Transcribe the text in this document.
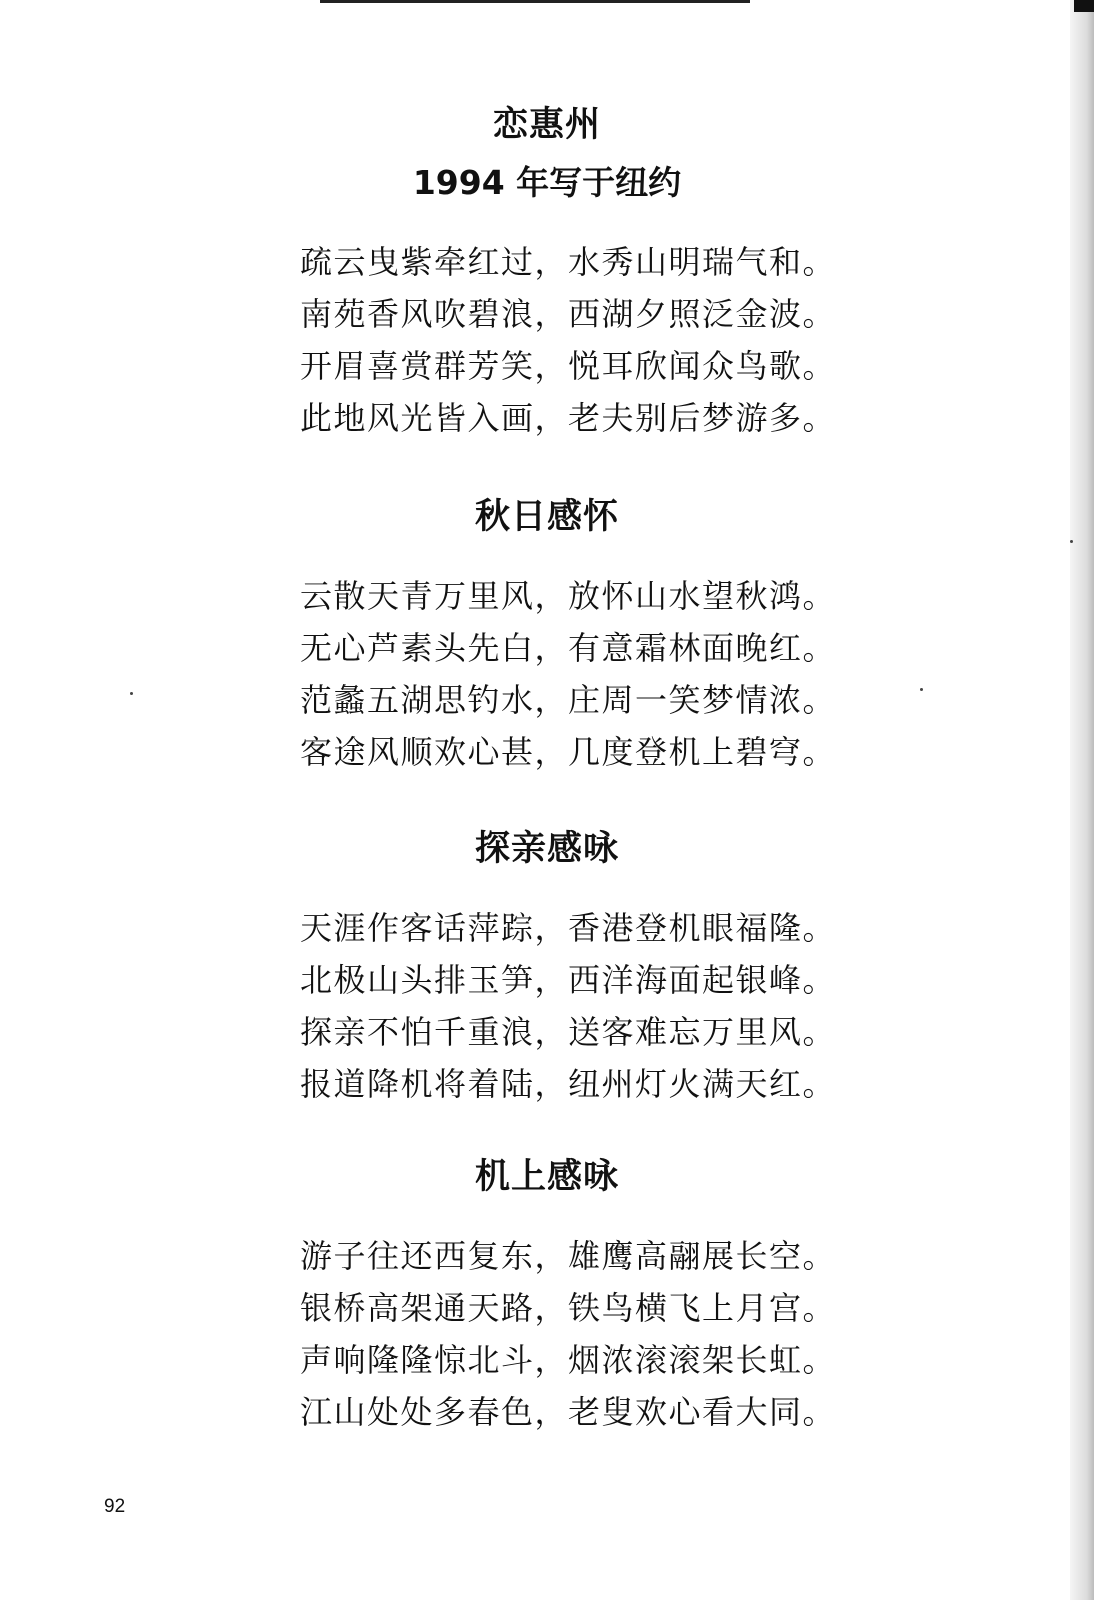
恋惠州
1994 年写于纽约
疏云曳紫牵红过，水秀山明瑞气和。
南苑香风吹碧浪，西湖夕照泛金波。
开眉喜赏群芳笑，悦耳欣闻众鸟歌。
此地风光皆入画，老夫别后梦游多。
秋日感怀
云散天青万里风，放怀山水望秋鸿。
无心芦素头先白，有意霜林面晚红。
范蠡五湖思钓水，庄周一笑梦情浓。
客途风顺欢心甚，几度登机上碧穹。
探亲感咏
天涯作客话萍踪，香港登机眼福隆。
北极山头排玉笋，西洋海面起银峰。
探亲不怕千重浪，送客难忘万里风。
报道降机将着陆，纽州灯火满天红。
机上感咏
游子往还西复东，雄鹰高翮展长空。
银桥高架通天路，铁鸟横飞上月宫。
声响隆隆惊北斗，烟浓滚滚架长虹。
江山处处多春色，老叟欢心看大同。
92
